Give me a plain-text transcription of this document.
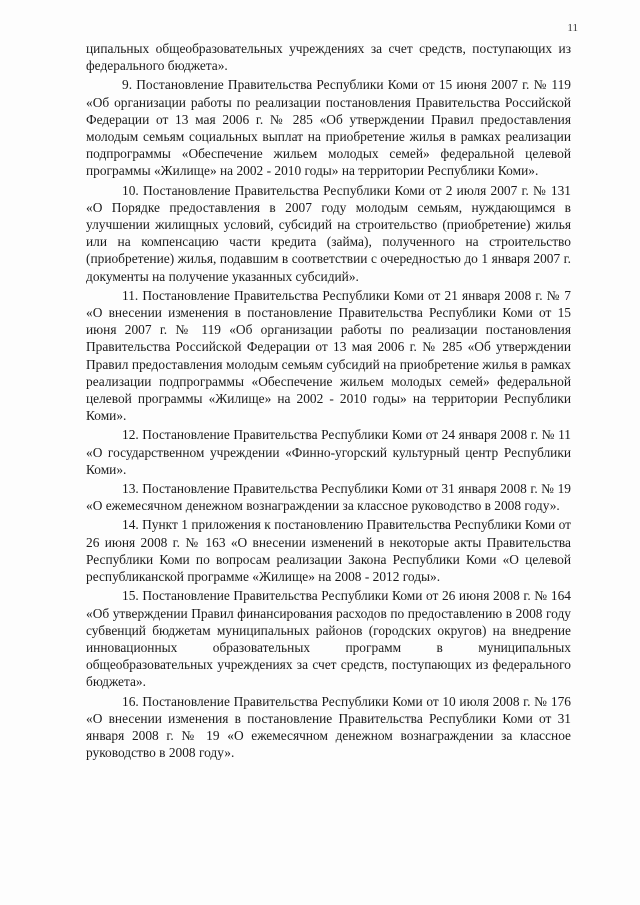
11

ципальных общеобразовательных учреждениях за счет средств, поступающих из федерального бюджета».

9. Постановление Правительства Республики Коми от 15 июня 2007 г. № 119 «Об организации работы по реализации постановления Правительства Российской Федерации от 13 мая 2006 г. № 285 «Об утверждении Правил предоставления молодым семьям социальных выплат на приобретение жилья в рамках реализации подпрограммы «Обеспечение жильем молодых семей» федеральной целевой программы «Жилище» на 2002 - 2010 годы» на территории Республики Коми».

10. Постановление Правительства Республики Коми от 2 июля 2007 г. № 131 «О Порядке предоставления в 2007 году молодым семьям, нуждающимся в улучшении жилищных условий, субсидий на строительство (приобретение) жилья или на компенсацию части кредита (займа), полученного на строительство (приобретение) жилья, подавшим в соответствии с очередностью до 1 января 2007 г. документы на получение указанных субсидий».

11. Постановление Правительства Республики Коми от 21 января 2008 г. № 7 «О внесении изменения в постановление Правительства Республики Коми от 15 июня 2007 г. № 119 «Об организации работы по реализации постановления Правительства Российской Федерации от 13 мая 2006 г. № 285 «Об утверждении Правил предоставления молодым семьям субсидий на приобретение жилья в рамках реализации подпрограммы «Обеспечение жильем молодых семей» федеральной целевой программы «Жилище» на 2002 - 2010 годы» на территории Республики Коми».

12. Постановление Правительства Республики Коми от 24 января 2008 г. № 11 «О государственном учреждении «Финно-угорский культурный центр Республики Коми».

13. Постановление Правительства Республики Коми от 31 января 2008 г. № 19 «О ежемесячном денежном вознаграждении за классное руководство в 2008 году».

14. Пункт 1 приложения к постановлению Правительства Республики Коми от 26 июня 2008 г. № 163 «О внесении изменений в некоторые акты Правительства Республики Коми по вопросам реализации Закона Республики Коми «О целевой республиканской программе «Жилище» на 2008 - 2012 годы».

15. Постановление Правительства Республики Коми от 26 июня 2008 г. № 164 «Об утверждении Правил финансирования расходов по предоставлению в 2008 году субвенций бюджетам муниципальных районов (городских округов) на внедрение инновационных образовательных программ в муниципальных общеобразовательных учреждениях за счет средств, поступающих из федерального бюджета».

16. Постановление Правительства Республики Коми от 10 июля 2008 г. № 176 «О внесении изменения в постановление Правительства Республики Коми от 31 января 2008 г. № 19 «О ежемесячном денежном вознаграждении за классное руководство в 2008 году».
